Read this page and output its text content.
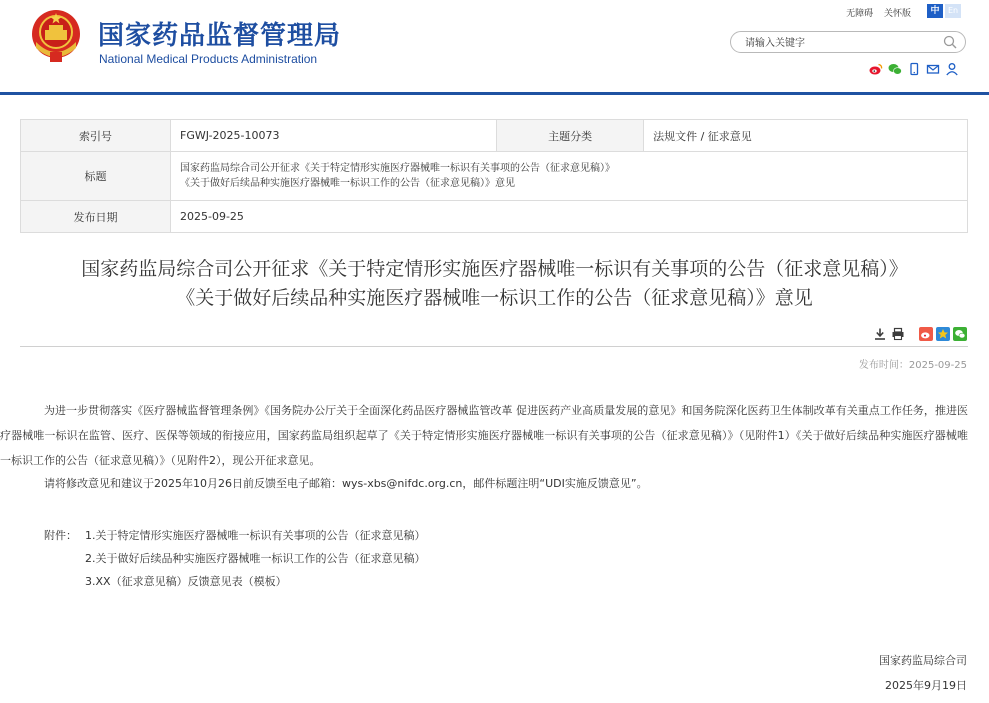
国家药品监督管理局
National Medical Products Administration
无障碍 关怀版	中	En
请输入关键字
索引号	FGWJ-2025-10073	主题分类	法规文件 / 征求意见
标题	国家药监局综合司公开征求《关于特定情形实施医疗器械唯一标识有关事项的公告（征求意见稿）》
《关于做好后续品种实施医疗器械唯一标识工作的公告（征求意见稿）》意见		

发布日期	2025-09-25		
国家药监局综合司公开征求《关于特定情形实施医疗器械唯一标识有关事项的公告（征求意见稿）》
《关于做好后续品种实施医疗器械唯一标识工作的公告（征求意见稿）》意见
发布时间：2025-09-25
为进一步贯彻落实《医疗器械监督管理条例》《国务院办公厅关于全面深化药品医疗器械监管改革 促进医药产业高质量发展的意见》和国务院深化医药卫生体制改革有关重点工作任务，推进医疗器械唯一标识在监管、医疗、医保等领域的衔接应用，国家药监局组织起草了《关于特定情形实施医疗器械唯一标识有关事项的公告（征求意见稿）》（见附件1）《关于做好后续品种实施医疗器械唯一标识工作的公告（征求意见稿）》（见附件2），现公开征求意见。
请将修改意见和建议于2025年10月26日前反馈至电子邮箱：wys-xbs@nifdc.org.cn，邮件标题注明“UDI实施反馈意见”。
附件： 1.关于特定情形实施医疗器械唯一标识有关事项的公告（征求意见稿）
2.关于做好后续品种实施医疗器械唯一标识工作的公告（征求意见稿）
3.XX（征求意见稿）反馈意见表（模板）
国家药监局综合司
2025年9月19日
